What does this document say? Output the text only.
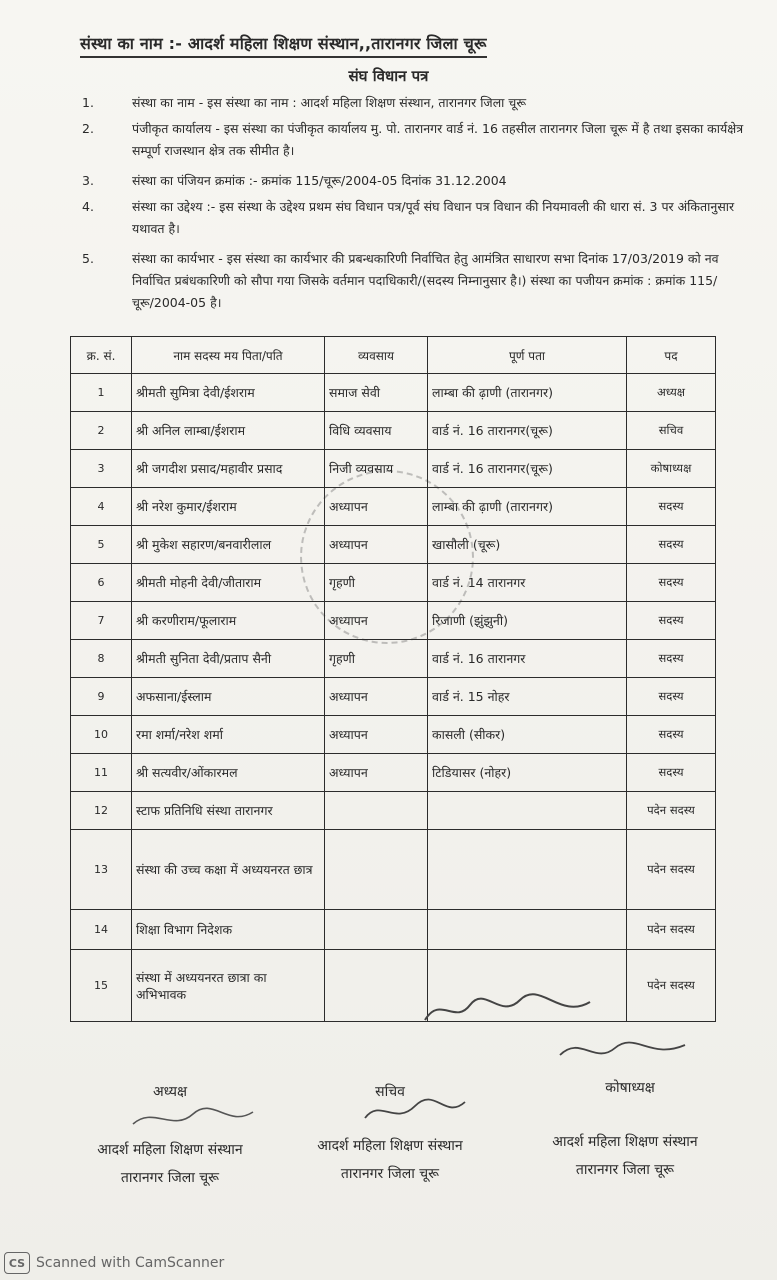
संस्था का नाम :- आदर्श महिला शिक्षण संस्थान,,तारानगर जिला चूरू
संघ विधान पत्र
1.	संस्था का नाम - इस संस्था का नाम : आदर्श महिला शिक्षण संस्थान, तारानगर जिला चूरू
2.	पंजीकृत कार्यालय - इस संस्था का पंजीकृत कार्यालय मु. पो. तारानगर वार्ड नं. 16 तहसील तारानगर जिला चूरू में है तथा इसका कार्यक्षेत्र सम्पूर्ण राजस्थान क्षेत्र तक सीमीत है।
3.	संस्था का पंजियन क्रमांक :- क्रमांक 115/चूरू/2004-05 दिनांक 31.12.2004
4.	संस्था का उद्देश्य :- इस संस्था के उद्देश्य प्रथम संघ विधान पत्र/पूर्व संघ विधान पत्र विधान की नियमावली की धारा सं. 3 पर अंकितानुसार यथावत है।
5.	संस्था का कार्यभार - इस संस्था का कार्यभार की प्रबन्धकारिणी निर्वाचित हेतु आमंत्रित साधारण सभा दिनांक 17/03/2019 को नव निर्वाचित प्रबंधकारिणी को सौपा गया जिसके वर्तमान पदाधिकारी/(सदस्य निम्नानुसार है।) संस्था का पजीयन क्रमांक : क्रमांक 115/चूरू/2004-05 है।
क्र. सं.	नाम सदस्य मय पिता/पति	व्यवसाय	पूर्ण पता	पद
1	श्रीमती सुमित्रा देवी/ईशराम	समाज सेवी	लाम्बा की ढ़ाणी (तारानगर)	अध्यक्ष
2	श्री अनिल लाम्बा/ईशराम	विधि व्यवसाय	वार्ड नं. 16 तारानगर(चूरू)	सचिव
3	श्री जगदीश प्रसाद/महावीर प्रसाद	निजी व्यवसाय	वार्ड नं. 16 तारानगर(चूरू)	कोषाध्यक्ष
4	श्री नरेश कुमार/ईशराम	अध्यापन	लाम्बा की ढ़ाणी (तारानगर)	सदस्य
5	श्री मुकेश सहारण/बनवारीलाल	अध्यापन	खासौली (चूरू)	सदस्य
6	श्रीमती मोहनी देवी/जीताराम	गृहणी	वार्ड नं. 14 तारानगर	सदस्य
7	श्री करणीराम/फूलाराम	अध्यापन	रिजाणी (झुंझुनी)	सदस्य
8	श्रीमती सुनिता देवी/प्रताप सैनी	गृहणी	वार्ड नं. 16 तारानगर	सदस्य
9	अफसाना/ईस्लाम	अध्यापन	वार्ड नं. 15 नोहर	सदस्य
10	रमा शर्मा/नरेश शर्मा	अध्यापन	कासली (सीकर)	सदस्य
11	श्री सत्यवीर/ओंकारमल	अध्यापन	टिडियासर (नोहर)	सदस्य
12	स्टाफ प्रतिनिधि संस्था तारानगर			पदेन सदस्य
13	संस्था की उच्च कक्षा में अध्ययनरत छात्र			पदेन सदस्य
14	शिक्षा विभाग निदेशक			पदेन सदस्य
15	संस्था में अध्ययनरत छात्रा का अभिभावक			पदेन सदस्य
अध्यक्ष	सचिव	कोषाध्यक्ष
आदर्श महिला शिक्षण संस्थान	आदर्श महिला शिक्षण संस्थान	आदर्श महिला शिक्षण संस्थान
तारानगर जिला चूरू	तारानगर जिला चूरू	तारानगर जिला चूरू
CS Scanned with CamScanner
